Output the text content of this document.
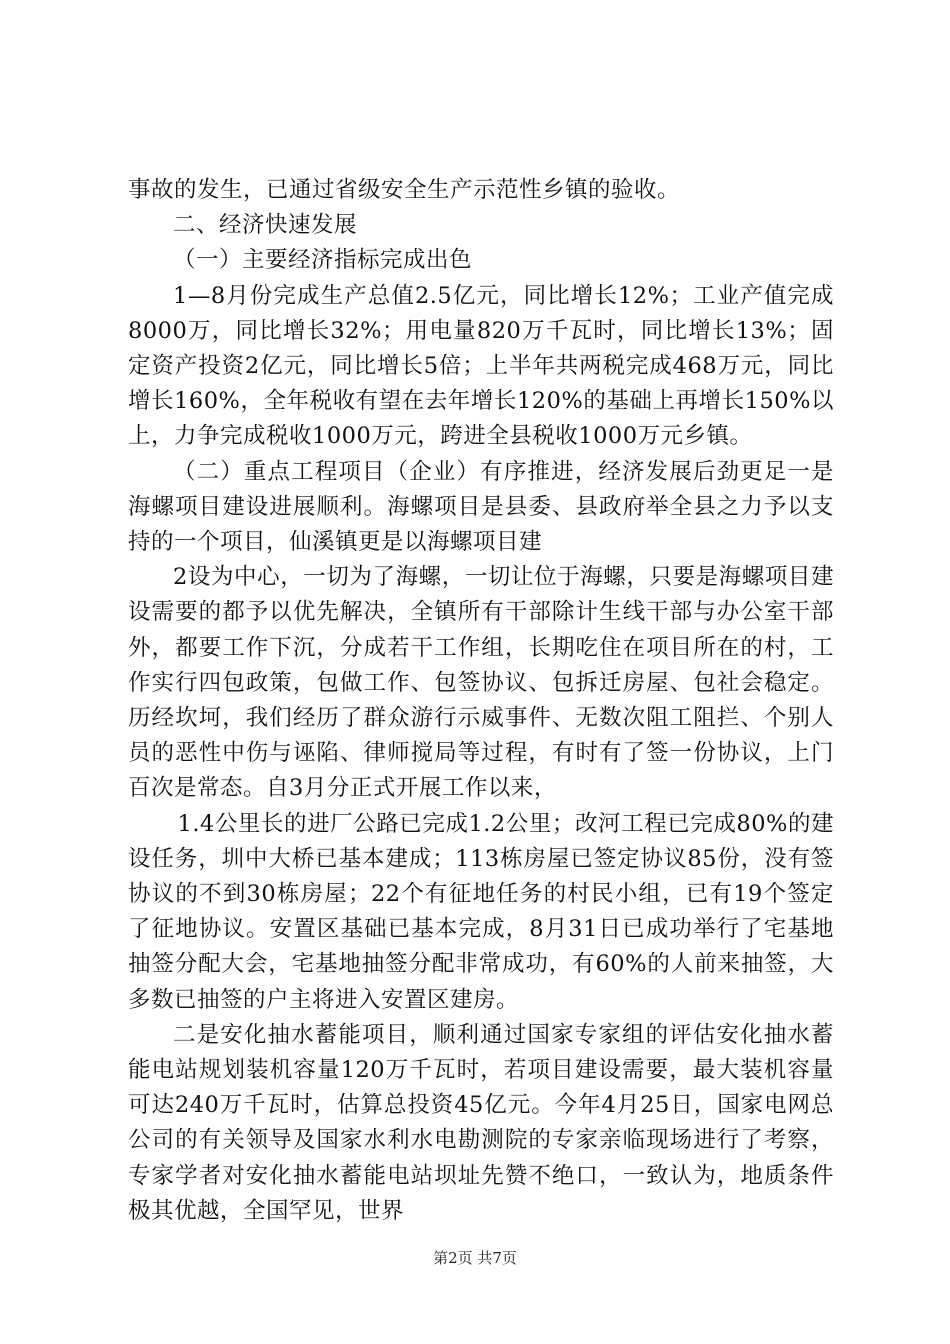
事故的发生，已通过省级安全生产示范性乡镇的验收。

二、经济快速发展

（一）主要经济指标完成出色

1—8月份完成生产总值2.5亿元，同比增长12%；工业产值完成8000万，同比增长32%；用电量820万千瓦时，同比增长13%；固定资产投资2亿元，同比增长5倍；上半年共两税完成468万元，同比增长160%，全年税收有望在去年增长120%的基础上再增长150%以上，力争完成税收1000万元，跨进全县税收1000万元乡镇。

（二）重点工程项目（企业）有序推进，经济发展后劲更足一是海螺项目建设进展顺利。海螺项目是县委、县政府举全县之力予以支持的一个项目，仙溪镇更是以海螺项目建

2设为中心，一切为了海螺，一切让位于海螺，只要是海螺项目建设需要的都予以优先解决，全镇所有干部除计生线干部与办公室干部外，都要工作下沉，分成若干工作组，长期吃住在项目所在的村，工作实行四包政策，包做工作、包签协议、包拆迁房屋、包社会稳定。历经坎坷，我们经历了群众游行示威事件、无数次阻工阻拦、个别人员的恶性中伤与诬陷、律师搅局等过程，有时有了签一份协议，上门百次是常态。自3月分正式开展工作以来，

1.4公里长的进厂公路已完成1.2公里；改河工程已完成80%的建设任务，圳中大桥已基本建成；113栋房屋已签定协议85份，没有签协议的不到30栋房屋；22个有征地任务的村民小组，已有19个签定了征地协议。安置区基础已基本完成，8月31日已成功举行了宅基地抽签分配大会，宅基地抽签分配非常成功，有60%的人前来抽签，大多数已抽签的户主将进入安置区建房。

二是安化抽水蓄能项目，顺利通过国家专家组的评估安化抽水蓄能电站规划装机容量120万千瓦时，若项目建设需要，最大装机容量可达240万千瓦时，估算总投资45亿元。今年4月25日，国家电网总公司的有关领导及国家水利水电勘测院的专家亲临现场进行了考察，专家学者对安化抽水蓄能电站坝址先赞不绝口，一致认为，地质条件极其优越，全国罕见，世界

第2页 共7页
